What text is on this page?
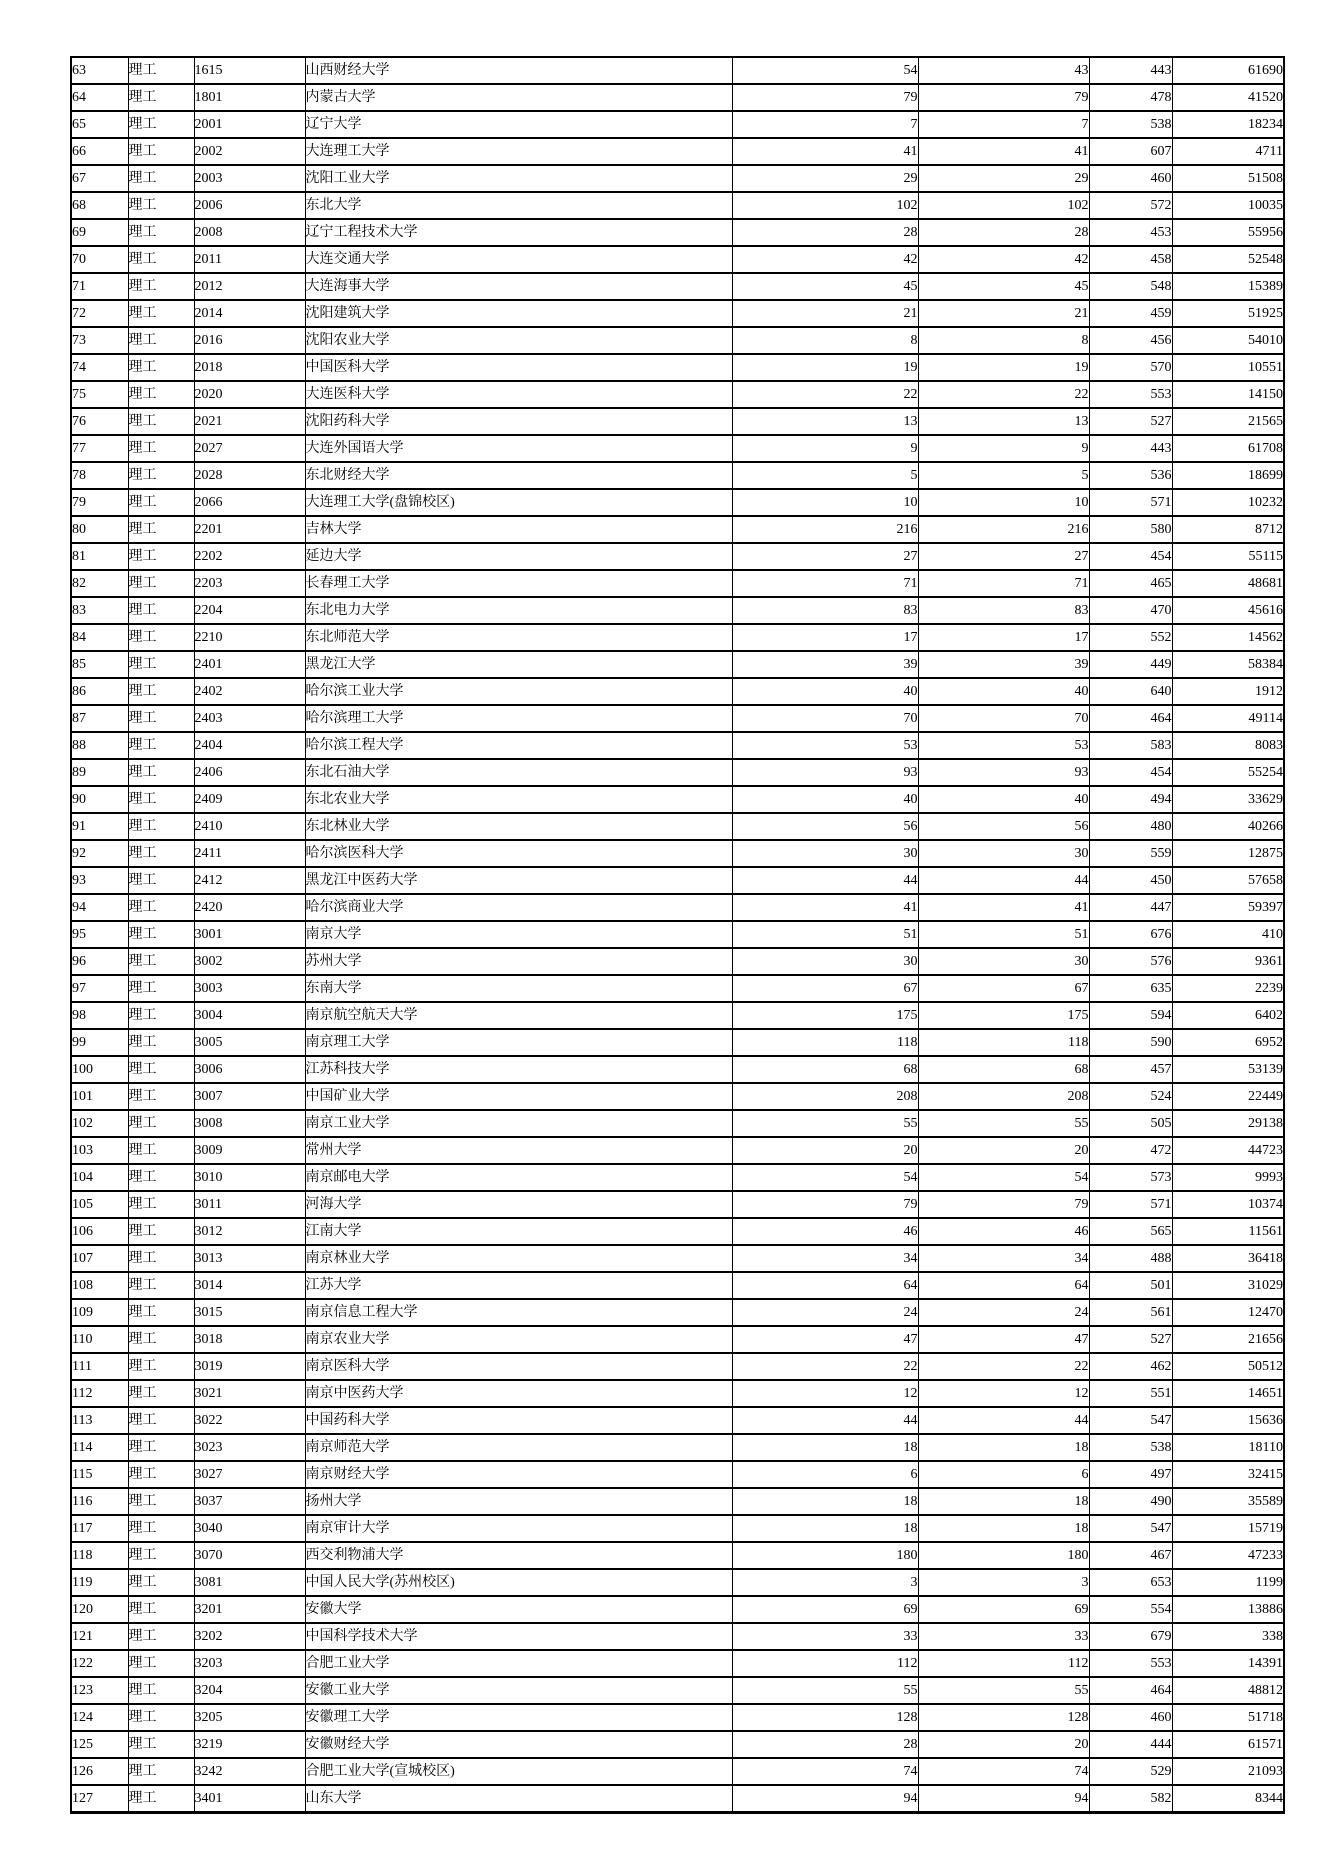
63	理工	1615	山西财经大学	54	43	443	61690
64	理工	1801	内蒙古大学	79	79	478	41520
65	理工	2001	辽宁大学	7	7	538	18234
66	理工	2002	大连理工大学	41	41	607	4711
67	理工	2003	沈阳工业大学	29	29	460	51508
68	理工	2006	东北大学	102	102	572	10035
69	理工	2008	辽宁工程技术大学	28	28	453	55956
70	理工	2011	大连交通大学	42	42	458	52548
71	理工	2012	大连海事大学	45	45	548	15389
72	理工	2014	沈阳建筑大学	21	21	459	51925
73	理工	2016	沈阳农业大学	8	8	456	54010
74	理工	2018	中国医科大学	19	19	570	10551
75	理工	2020	大连医科大学	22	22	553	14150
76	理工	2021	沈阳药科大学	13	13	527	21565
77	理工	2027	大连外国语大学	9	9	443	61708
78	理工	2028	东北财经大学	5	5	536	18699
79	理工	2066	大连理工大学(盘锦校区)	10	10	571	10232
80	理工	2201	吉林大学	216	216	580	8712
81	理工	2202	延边大学	27	27	454	55115
82	理工	2203	长春理工大学	71	71	465	48681
83	理工	2204	东北电力大学	83	83	470	45616
84	理工	2210	东北师范大学	17	17	552	14562
85	理工	2401	黑龙江大学	39	39	449	58384
86	理工	2402	哈尔滨工业大学	40	40	640	1912
87	理工	2403	哈尔滨理工大学	70	70	464	49114
88	理工	2404	哈尔滨工程大学	53	53	583	8083
89	理工	2406	东北石油大学	93	93	454	55254
90	理工	2409	东北农业大学	40	40	494	33629
91	理工	2410	东北林业大学	56	56	480	40266
92	理工	2411	哈尔滨医科大学	30	30	559	12875
93	理工	2412	黑龙江中医药大学	44	44	450	57658
94	理工	2420	哈尔滨商业大学	41	41	447	59397
95	理工	3001	南京大学	51	51	676	410
96	理工	3002	苏州大学	30	30	576	9361
97	理工	3003	东南大学	67	67	635	2239
98	理工	3004	南京航空航天大学	175	175	594	6402
99	理工	3005	南京理工大学	118	118	590	6952
100	理工	3006	江苏科技大学	68	68	457	53139
101	理工	3007	中国矿业大学	208	208	524	22449
102	理工	3008	南京工业大学	55	55	505	29138
103	理工	3009	常州大学	20	20	472	44723
104	理工	3010	南京邮电大学	54	54	573	9993
105	理工	3011	河海大学	79	79	571	10374
106	理工	3012	江南大学	46	46	565	11561
107	理工	3013	南京林业大学	34	34	488	36418
108	理工	3014	江苏大学	64	64	501	31029
109	理工	3015	南京信息工程大学	24	24	561	12470
110	理工	3018	南京农业大学	47	47	527	21656
111	理工	3019	南京医科大学	22	22	462	50512
112	理工	3021	南京中医药大学	12	12	551	14651
113	理工	3022	中国药科大学	44	44	547	15636
114	理工	3023	南京师范大学	18	18	538	18110
115	理工	3027	南京财经大学	6	6	497	32415
116	理工	3037	扬州大学	18	18	490	35589
117	理工	3040	南京审计大学	18	18	547	15719
118	理工	3070	西交利物浦大学	180	180	467	47233
119	理工	3081	中国人民大学(苏州校区)	3	3	653	1199
120	理工	3201	安徽大学	69	69	554	13886
121	理工	3202	中国科学技术大学	33	33	679	338
122	理工	3203	合肥工业大学	112	112	553	14391
123	理工	3204	安徽工业大学	55	55	464	48812
124	理工	3205	安徽理工大学	128	128	460	51718
125	理工	3219	安徽财经大学	28	20	444	61571
126	理工	3242	合肥工业大学(宣城校区)	74	74	529	21093
127	理工	3401	山东大学	94	94	582	8344
